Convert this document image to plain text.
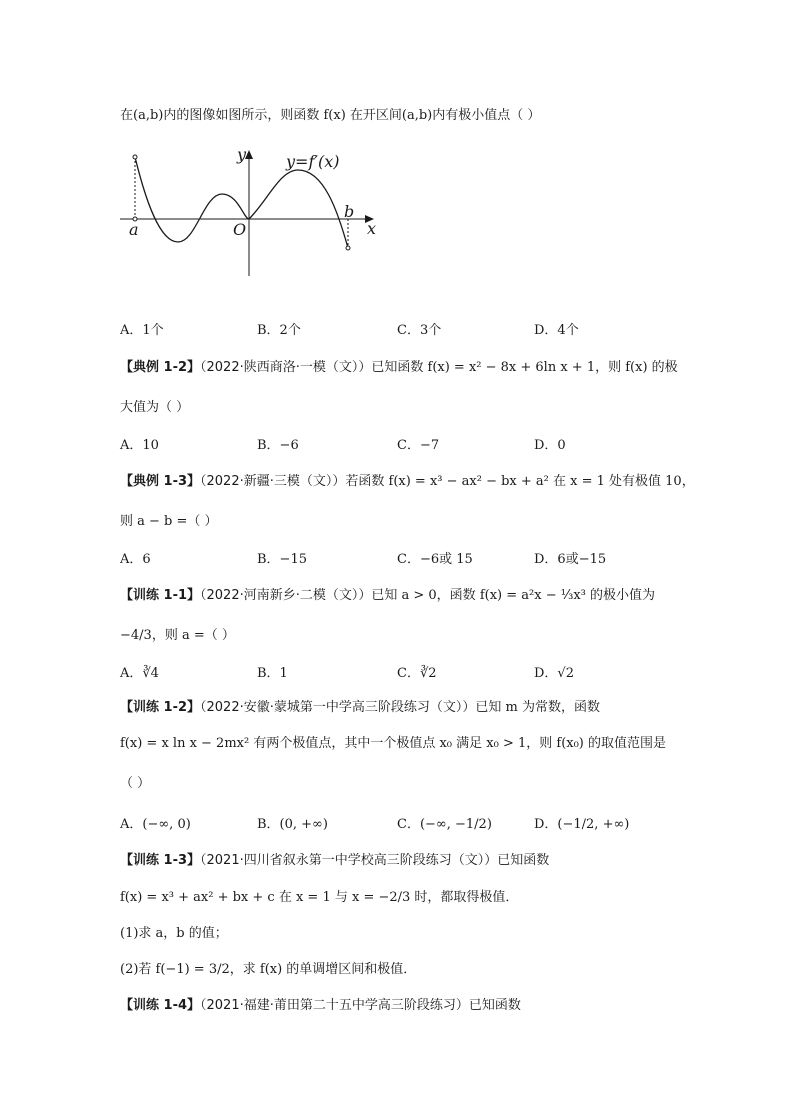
在(a,b)内的图像如图所示，则函数 f(x) 在开区间(a,b)内有极小值点（ ）
y
x
O
a
b
y=f′(x)
A．1个	B．2个	C．3个	D．4个
【典例 1-2】（2022·陕西商洛·一模（文））已知函数 f(x) = x² − 8x + 6ln x + 1，则 f(x) 的极
大值为（ ）
A．10	B．−6	C．−7	D．0
【典例 1-3】（2022·新疆·三模（文））若函数 f(x) = x³ − ax² − bx + a² 在 x = 1 处有极值 10，
则 a − b =（ ）
A．6	B．−15	C．−6或 15	D．6或−15
【训练 1-1】（2022·河南新乡·二模（文））已知 a > 0，函数 f(x) = a²x − ⅓x³ 的极小值为
−4/3，则 a =（ ）
A．∛4	B．1	C．∛2	D．√2
【训练 1-2】（2022·安徽·蒙城第一中学高三阶段练习（文））已知 m 为常数，函数
f(x) = x ln x − 2mx² 有两个极值点，其中一个极值点 x₀ 满足 x₀ > 1，则 f(x₀) 的取值范围是
（ ）
A．(−∞, 0)	B．(0, +∞)	C．(−∞, −1/2)	D．(−1/2, +∞)
【训练 1-3】（2021·四川省叙永第一中学校高三阶段练习（文））已知函数
f(x) = x³ + ax² + bx + c 在 x = 1 与 x = −2/3 时，都取得极值．
(1)求 a，b 的值；
(2)若 f(−1) = 3/2，求 f(x) 的单调增区间和极值．
【训练 1-4】（2021·福建·莆田第二十五中学高三阶段练习）已知函数
